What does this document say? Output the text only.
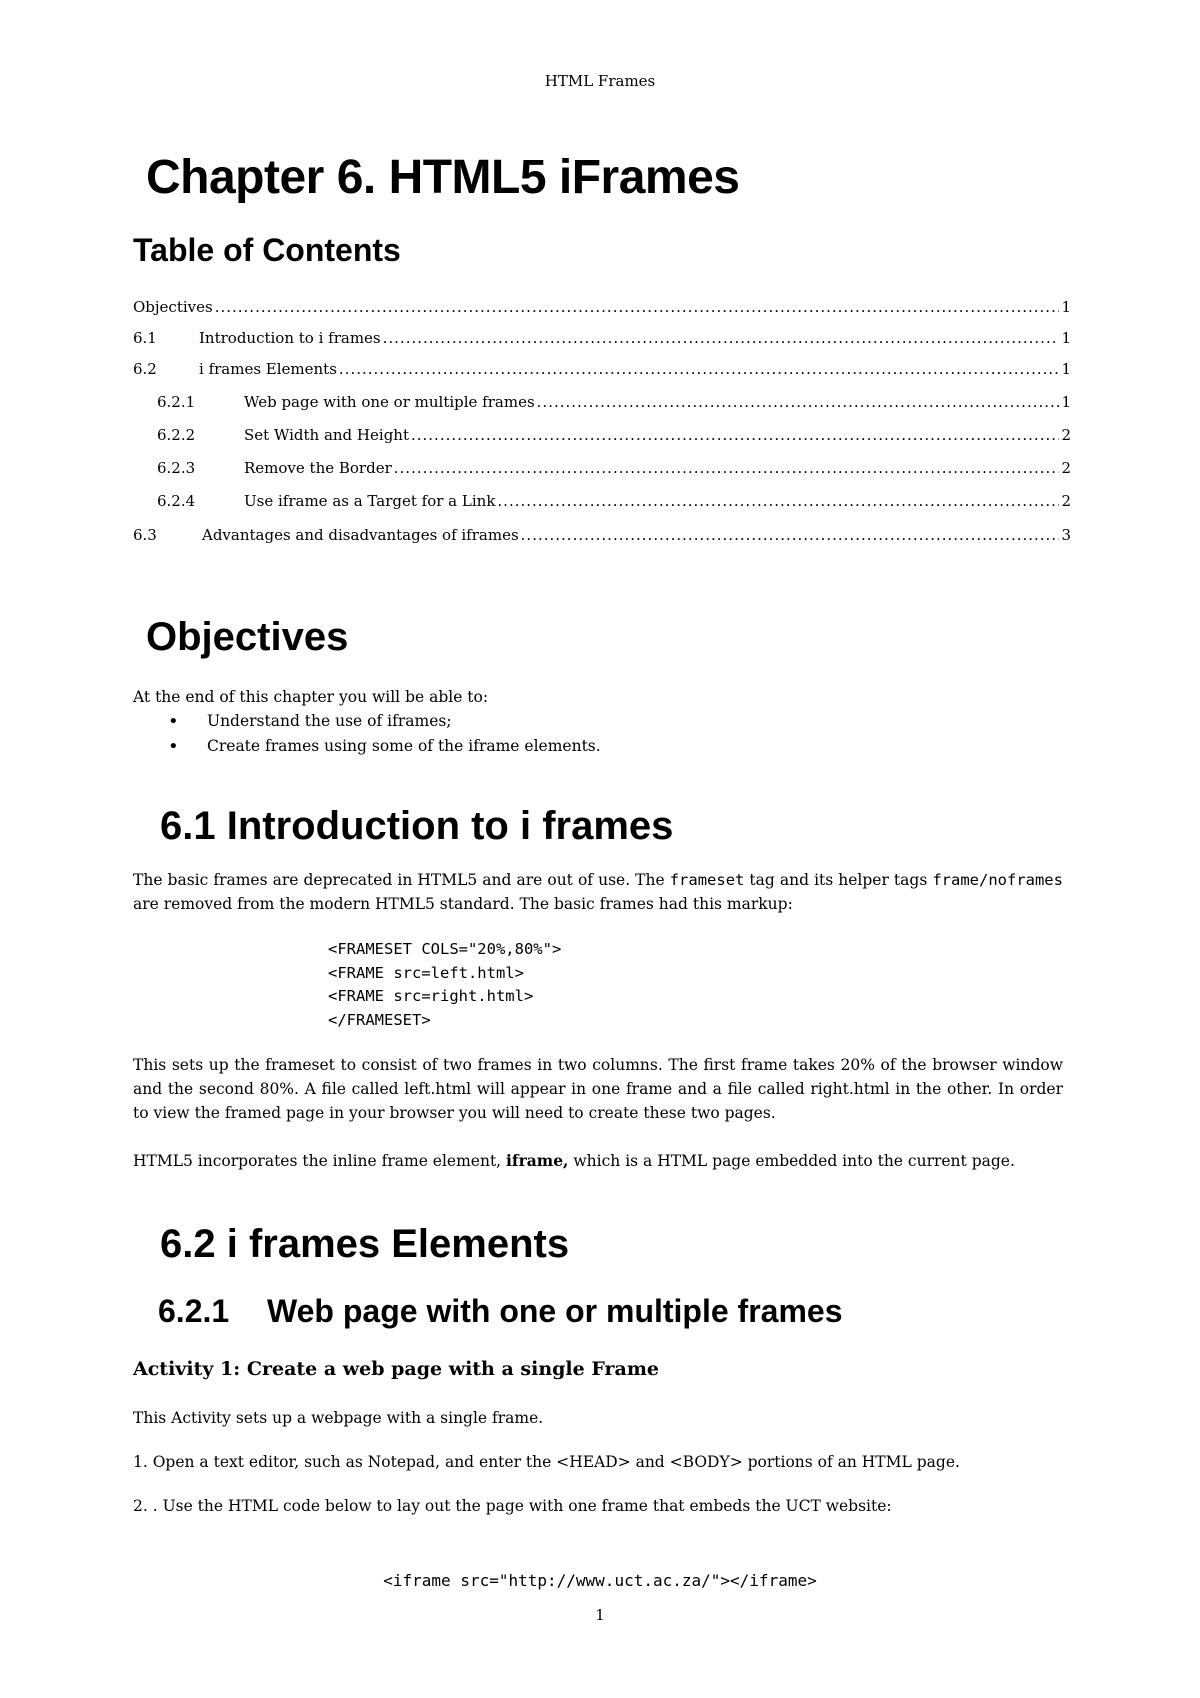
HTML Frames
Chapter 6. HTML5 iFrames
Table of Contents
Objectives .....	1
6.1	Introduction to i frames .....	1
6.2	i frames Elements .....	1
6.2.1	Web page with one or multiple frames .....	1
6.2.2	Set Width and Height .....	2
6.2.3	Remove the Border .....	2
6.2.4	Use iframe as a Target for a Link .....	2
6.3	Advantages and disadvantages of iframes .....	3
Objectives

At the end of this chapter you will be able to:

• Understand the use of iframes;
• Create frames using some of the iframe elements.
6.1 Introduction to i frames

The basic frames are deprecated in HTML5 and are out of use. The frameset tag and its helper tags frame/noframes are removed from the modern HTML5 standard. The basic frames had this markup:

<FRAMESET COLS="20%,80%">
<FRAME src=left.html>
<FRAME src=right.html>
</FRAMESET>

This sets up the frameset to consist of two frames in two columns. The first frame takes 20% of the browser window and the second 80%. A file called left.html will appear in one frame and a file called right.html in the other. In order to view the framed page in your browser you will need to create these two pages.

HTML5 incorporates the inline frame element, iframe, which is a HTML page embedded into the current page.

6.2 i frames Elements
6.2.1 Web page with one or multiple frames
Activity 1: Create a web page with a single Frame

This Activity sets up a webpage with a single frame.

1. Open a text editor, such as Notepad, and enter the <HEAD> and <BODY> portions of an HTML page.

2. . Use the HTML code below to lay out the page with one frame that embeds the UCT website:

<iframe src="http://www.uct.ac.za/"></iframe>
1
